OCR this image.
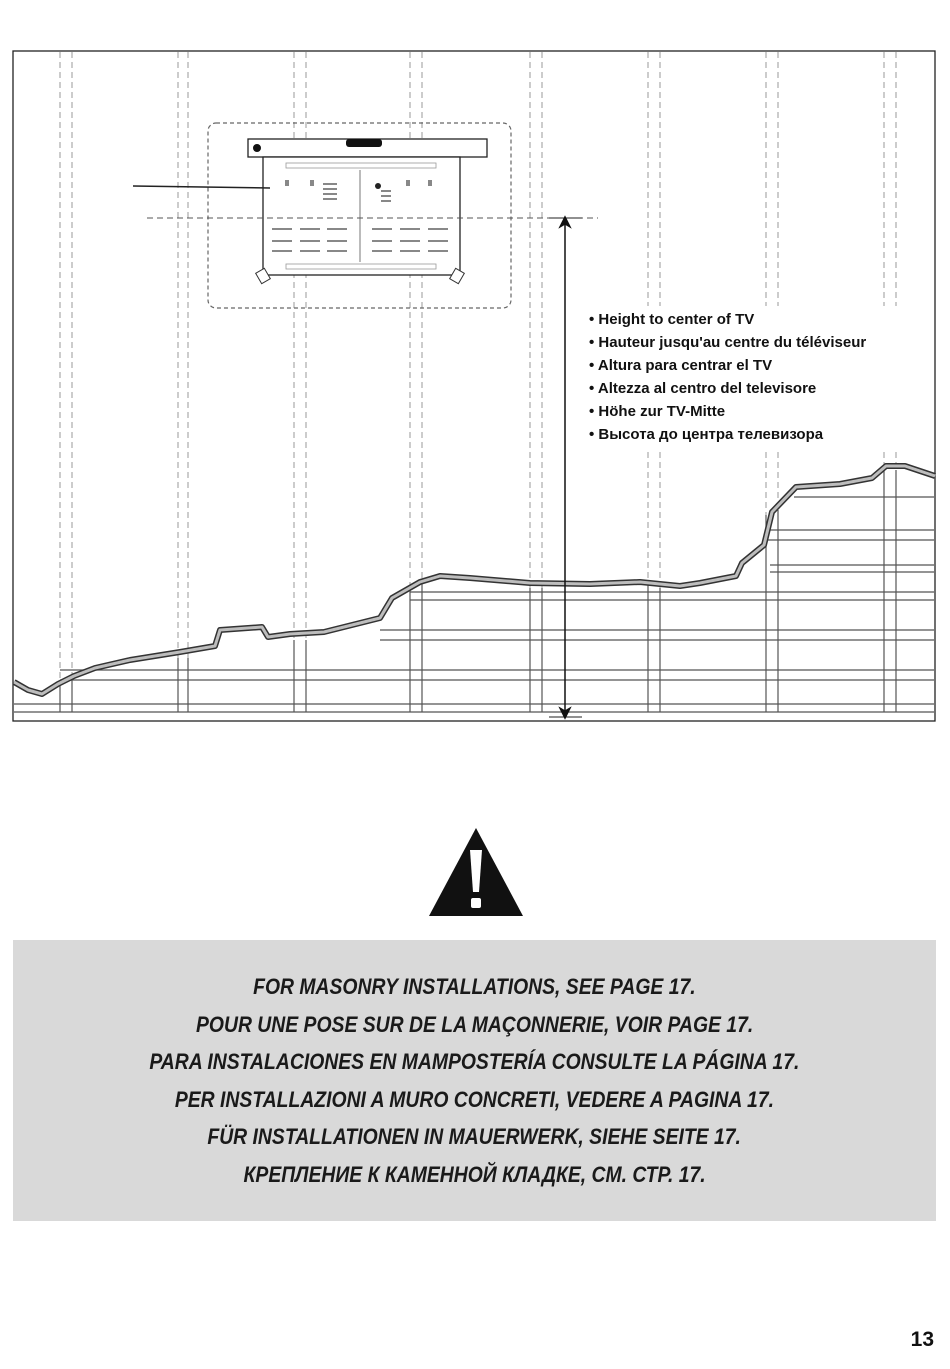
• Height to center of TV
• Hauteur jusqu'au centre du téléviseur
• Altura para centrar el TV
• Altezza al centro del televisore
• Höhe zur TV-Mitte
• Высота до центра телевизора
FOR MASONRY INSTALLATIONS, SEE PAGE 17.
POUR UNE POSE SUR DE LA MAÇONNERIE, VOIR PAGE 17.
PARA INSTALACIONES EN MAMPOSTERÍA CONSULTE LA PÁGINA 17.
PER INSTALLAZIONI A MURO CONCRETI, VEDERE A PAGINA 17.
FÜR INSTALLATIONEN IN MAUERWERK, SIEHE SEITE 17.
КРЕПЛЕНИЕ К КАМЕННОЙ КЛАДКЕ, СМ. СТР. 17.
13
